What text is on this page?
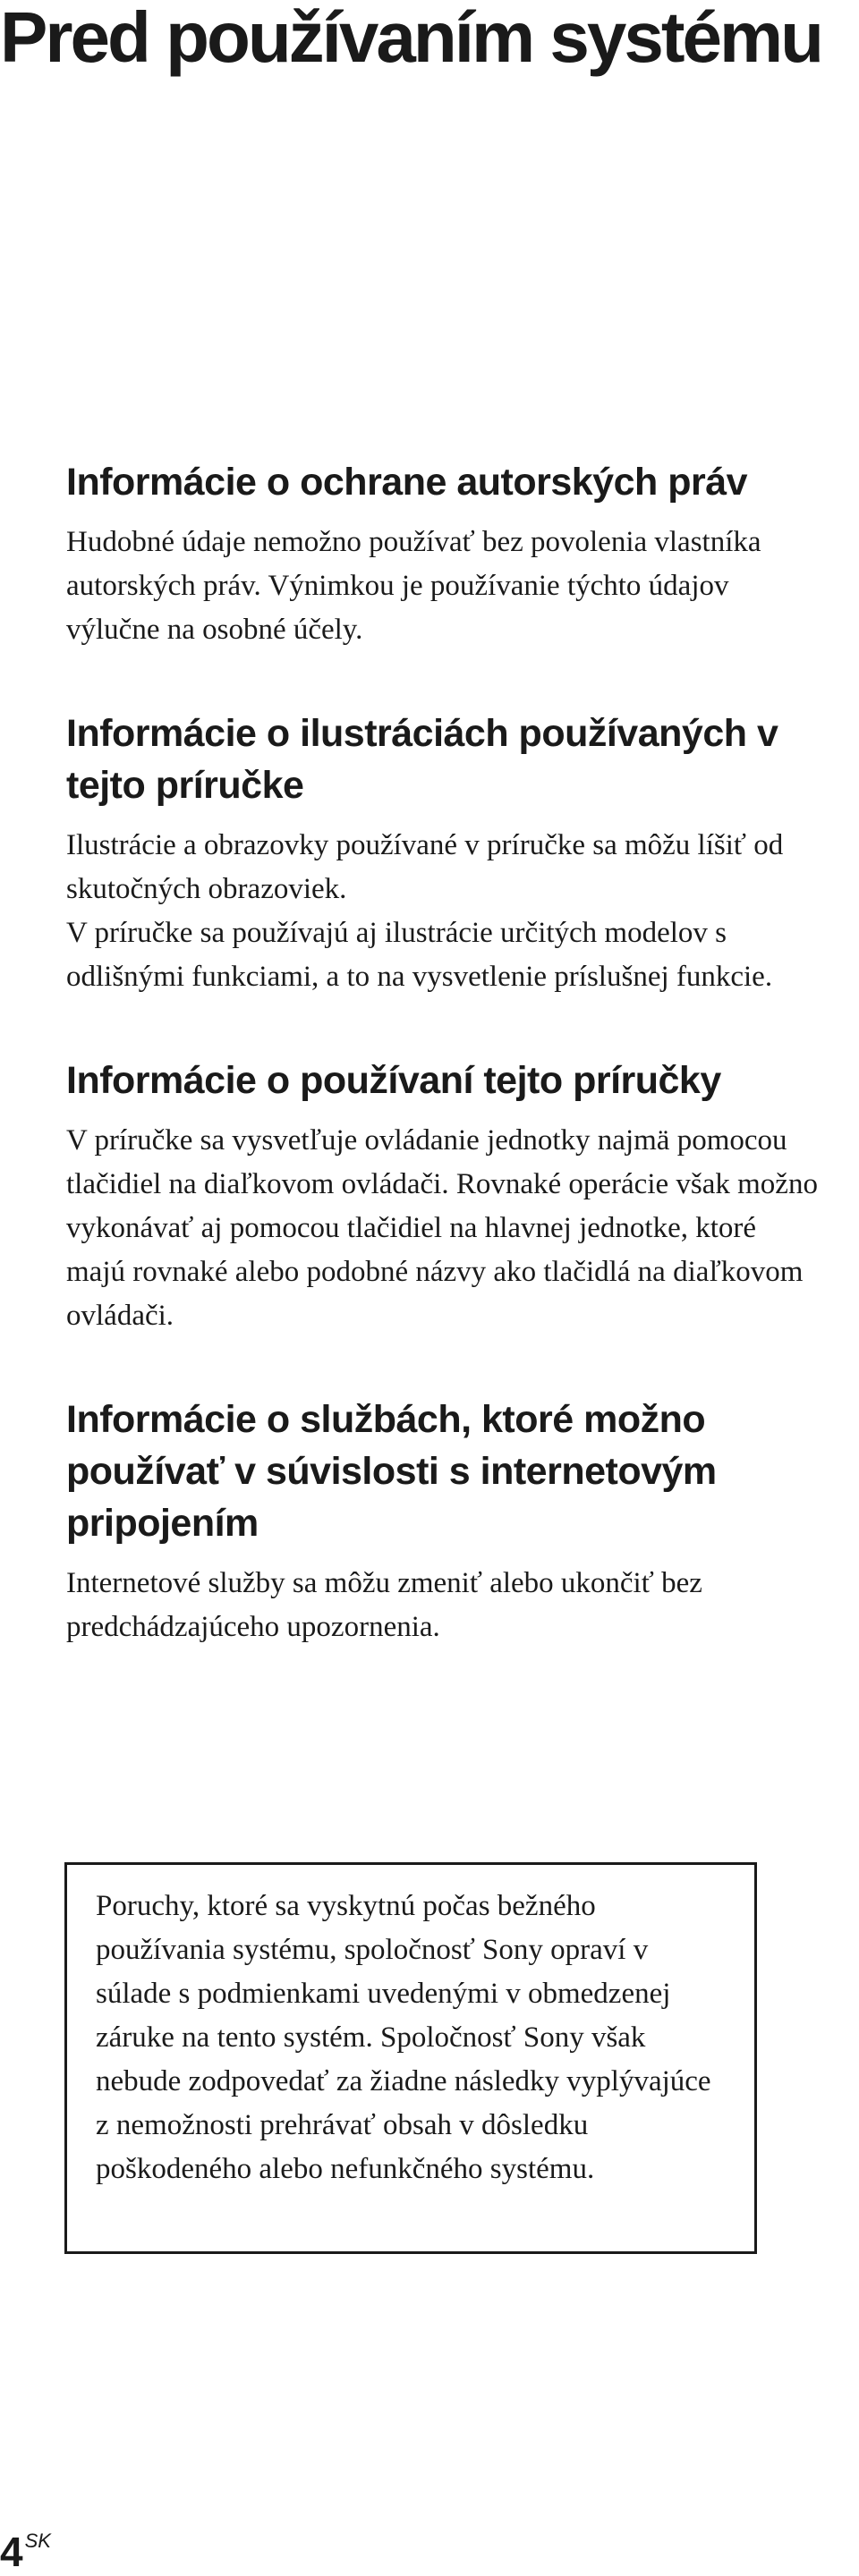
Pred používaním systému
Informácie o ochrane autorských práv

Hudobné údaje nemožno používať bez povolenia vlastníka autorských práv. Výnimkou je používanie týchto údajov výlučne na osobné účely.

Informácie o ilustráciách používaných v tejto príručke

Ilustrácie a obrazovky používané v príručke sa môžu líšiť od skutočných obrazoviek.

V príručke sa používajú aj ilustrácie určitých modelov s odlišnými funkciami, a to na vysvetlenie príslušnej funkcie.

Informácie o používaní tejto príručky

V príručke sa vysvetľuje ovládanie jednotky najmä pomocou tlačidiel na diaľkovom ovládači. Rovnaké operácie však možno vykonávať aj pomocou tlačidiel na hlavnej jednotke, ktoré majú rovnaké alebo podobné názvy ako tlačidlá na diaľkovom ovládači.

Informácie o službách, ktoré možno používať v súvislosti s internetovým pripojením

Internetové služby sa môžu zmeniť alebo ukončiť bez predchádzajúceho upozornenia.

Poruchy, ktoré sa vyskytnú počas bežného používania systému, spoločnosť Sony opraví v súlade s podmienkami uvedenými v obmedzenej záruke na tento systém. Spoločnosť Sony však nebude zodpovedať za žiadne následky vyplývajúce z nemožnosti prehrávať obsah v dôsledku poškodeného alebo nefunkčného systému.

4SK
